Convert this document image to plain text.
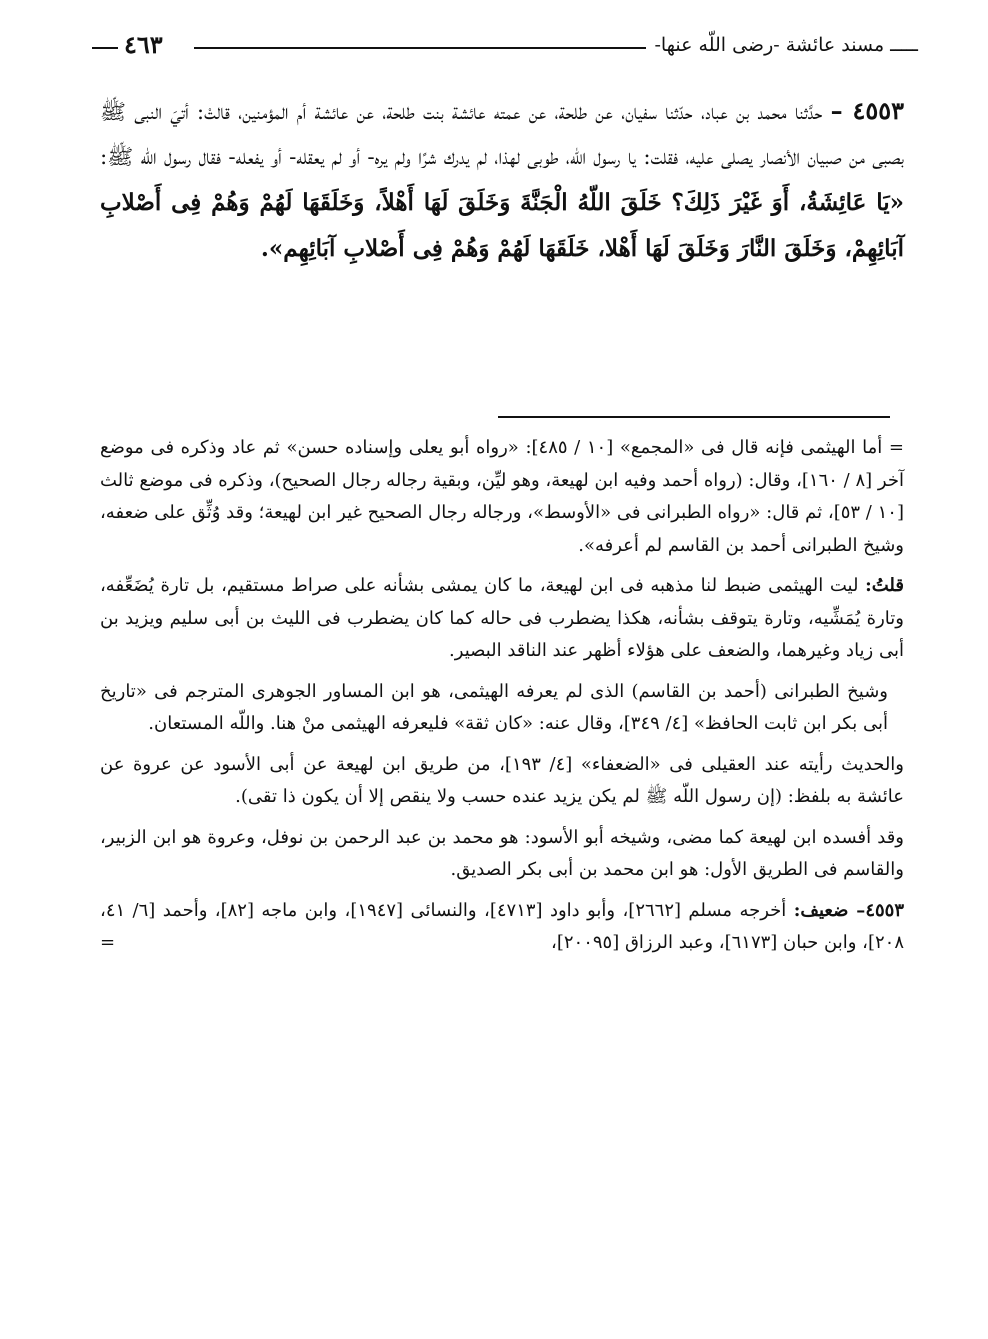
ـــــ مسند عائشة -رضى اللّه عنها-
٤٦٣
٤٥٥٣ – حدَّثنا محمد بن عباد، حدّثنا سفيان، عن طلحة، عن عمته عائشة بنت طلحة، عن عائشة أم المؤمنين، قالتْ: أتيَ النبى ﷺ بصبى من صبيان الأنصار يصلى عليه، فقلت: يا رسول اللّه، طوبى لهذا، لم يدرك شرًا ولم يره- أو لم يعقله- أو يفعله- فقال رسول اللّه ﷺ: «يَا عَائِشَةُ، أَوَ غَيْرَ ذَلِكَ؟ خَلَقَ اللّهُ الْجَنَّةَ وَخَلَقَ لَهَا أَهْلاً، وَخَلَقَهَا لَهُمْ وَهُمْ فِى أَصْلابِ آبَائِهِمْ، وَخَلَقَ النَّارَ وَخَلَقَ لَهَا أَهْلا، خَلَقَهَا لَهُمْ وَهُمْ فِى أَصْلابِ آبَائِهِم».

= أما الهيثمى فإنه قال فى «المجمع» [١٠ / ٤٨٥]: «رواه أبو يعلى وإسناده حسن» ثم عاد وذكره فى موضع آخر [٨ / ١٦٠]، وقال: (رواه أحمد وفيه ابن لهيعة، وهو ليِّن، وبقية رجاله رجال الصحيح)، وذكره فى موضع ثالث [١٠ / ٥٣]، ثم قال: «رواه الطبرانى فى «الأوسط»، ورجاله رجال الصحيح غير ابن لهيعة؛ وقد وُثِّق على ضعفه، وشيخ الطبرانى أحمد بن القاسم لم أعرفه».

قلتُ: ليت الهيثمى ضبط لنا مذهبه فى ابن لهيعة، ما كان يمشى بشأنه على صراط مستقيم، بل تارة يُضَعِّفه، وتارة يُمَشِّيه، وتارة يتوقف بشأنه، هكذا يضطرب فى حاله كما كان يضطرب فى الليث بن أبى سليم ويزيد بن أبى زياد وغيرهما، والضعف على هؤلاء أظهر عند الناقد البصير.

وشيخ الطبرانى (أحمد بن القاسم) الذى لم يعرفه الهيثمى، هو ابن المساور الجوهرى المترجم فى «تاريخ أبى بكر ابن ثابت الحافظ» [٤/ ٣٤٩]، وقال عنه: «كان ثقة» فليعرفه الهيثمى منْ هنا. واللّه المستعان.

والحديث رأيته عند العقيلى فى «الضعفاء» [٤/ ١٩٣]، من طريق ابن لهيعة عن أبى الأسود عن عروة عن عائشة به بلفظ: (إن رسول اللّه ﷺ لم يكن يزيد عنده حسب ولا ينقص إلا أن يكون ذا تقى).

وقد أفسده ابن لهيعة كما مضى، وشيخه أبو الأسود: هو محمد بن عبد الرحمن بن نوفل، وعروة هو ابن الزبير، والقاسم فى الطريق الأول: هو ابن محمد بن أبى بكر الصديق.

٤٥٥٣– ضعيف: أخرجه مسلم [٢٦٦٢]، وأبو داود [٤٧١٣]، والنسائى [١٩٤٧]، وابن ماجه [٨٢]، وأحمد [٦/ ٤١، ٢٠٨]، وابن حبان [٦١٧٣]، وعبد الرزاق [٢٠٠٩٥]،
=
